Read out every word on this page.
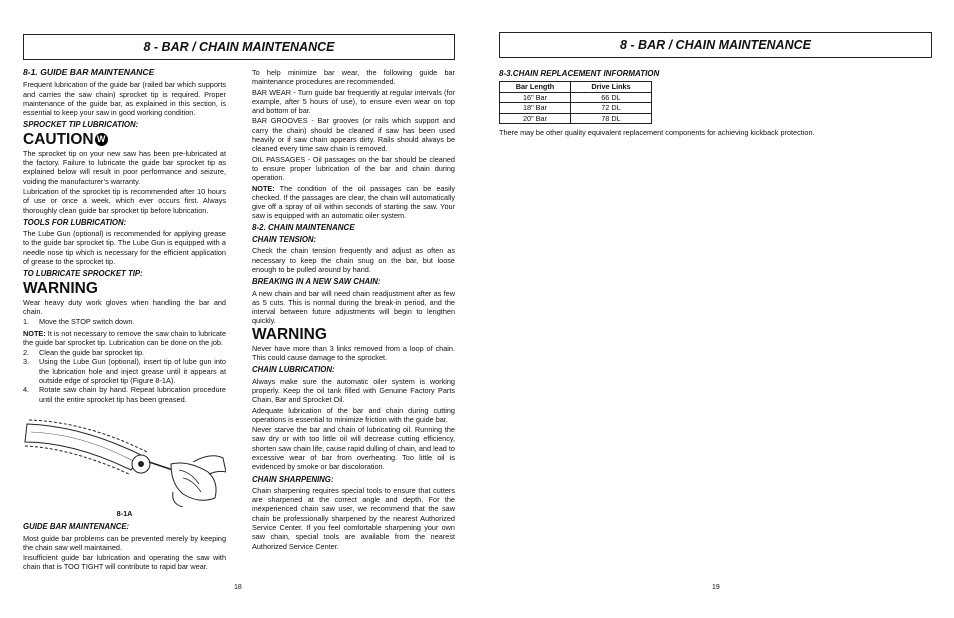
8 - BAR / CHAIN MAINTENANCE
8-1. GUIDE BAR MAINTENANCE

Frequent lubrication of the guide bar (railed bar which supports and carries the saw chain) sprocket tip is required. Proper maintenance of the guide bar, as explained in this section, is essential to keep your saw in good working condition.

SPROCKET TIP LUBRICATION:
CAUTION W

The sprocket tip on your new saw has been pre-lubricated at the factory. Failure to lubricate the guide bar sprocket tip as explained below will result in poor performance and seizure, voiding the manufacturer’s warranty.

Lubrication of the sprocket tip is recommended after 10 hours of use or once a week, which ever occurs first. Always thoroughly clean guide bar sprocket tip before lubrication.

TOOLS FOR LUBRICATION:

The Lube Gun (optional) is recommended for applying grease to the guide bar sprocket tip. The Lube Gun is equipped with a needle nose tip which is necessary for the efficient application of grease to the sprocket tip.

TO LUBRICATE SPROCKET TIP:
WARNING

Wear heavy duty work gloves when handling the bar and chain.

1.	Move the STOP switch down.

NOTE: It is not necessary to remove the saw chain to lubricate the guide bar sprocket tip. Lubrication can be done on the job.

2.	Clean the guide bar sprocket tip.
3.	Using the Lube Gun (optional), insert tip of lube gun into the lubrication hole and inject grease until it appears at outside edge of sprocket tip (Figure 8-1A).
4.	Rotate saw chain by hand. Repeat lubrication procedure until the entire sprocket tip has been greased.
8-1A
GUIDE BAR MAINTENANCE:

Most guide bar problems can be prevented merely by keeping the chain saw well maintained.

Insufficient guide bar lubrication and operating the saw with chain that is TOO TIGHT will contribute to rapid bar wear.

To help minimize bar wear, the following guide bar maintenance procedures are recommended.

BAR WEAR - Turn guide bar frequently at regular intervals (for example, after 5 hours of use), to ensure even wear on top and bottom of bar.

BAR GROOVES - Bar grooves (or rails which support and carry the chain) should be cleaned if saw has been used heavily or if saw chain appears dirty. Rails should always be cleaned every time saw chain is removed.

OIL PASSAGES - Oil passages on the bar should be cleaned to ensure proper lubrication of the bar and chain during operation.

NOTE: The condition of the oil passages can be easily checked. If the passages are clear, the chain will automatically give off a spray of oil within seconds of starting the saw. Your saw is equipped with an automatic oiler system.

8-2. CHAIN MAINTENANCE
CHAIN TENSION:

Check the chain tension frequently and adjust as often as necessary to keep the chain snug on the bar, but loose enough to be pulled around by hand.

BREAKING IN A NEW SAW CHAIN:

A new chain and bar will need chain readjustment after as few as 5 cuts. This is normal during the break-in period, and the interval between future adjustments will begin to lengthen quickly.

WARNING

Never have more than 3 links removed from a loop of chain. This could cause damage to the sprocket.

CHAIN LUBRICATION:

Always make sure the automatic oiler system is working properly. Keep the oil tank filled with Genuine Factory Parts Chain, Bar and Sprocket Oil.

Adequate lubrication of the bar and chain during cutting operations is essential to minimize friction with the guide bar.

Never starve the bar and chain of lubricating oil. Running the saw dry or with too little oil will decrease cutting efficiency, shorten saw chain life, cause rapid dulling of chain, and lead to excessive wear of bar from overheating. Too little oil is evidenced by smoke or bar discoloration.

CHAIN SHARPENING:

Chain sharpening requires special tools to ensure that cutters are sharpened at the correct angle and depth. For the inexperienced chain saw user, we recommend that the saw chain be professionally sharpened by the nearest Authorized Service Center. If you feel comfortable sharpening your own saw chain, special tools are available from the nearest Authorized Service Center.

18
8 - BAR / CHAIN MAINTENANCE
8-3.CHAIN REPLACEMENT INFORMATION
Bar Length	Drive Links
16" Bar	66 DL
18" Bar	72 DL
20" Bar	78 DL

There may be other quality equivalent replacement components for achieving kickback protection.

19
